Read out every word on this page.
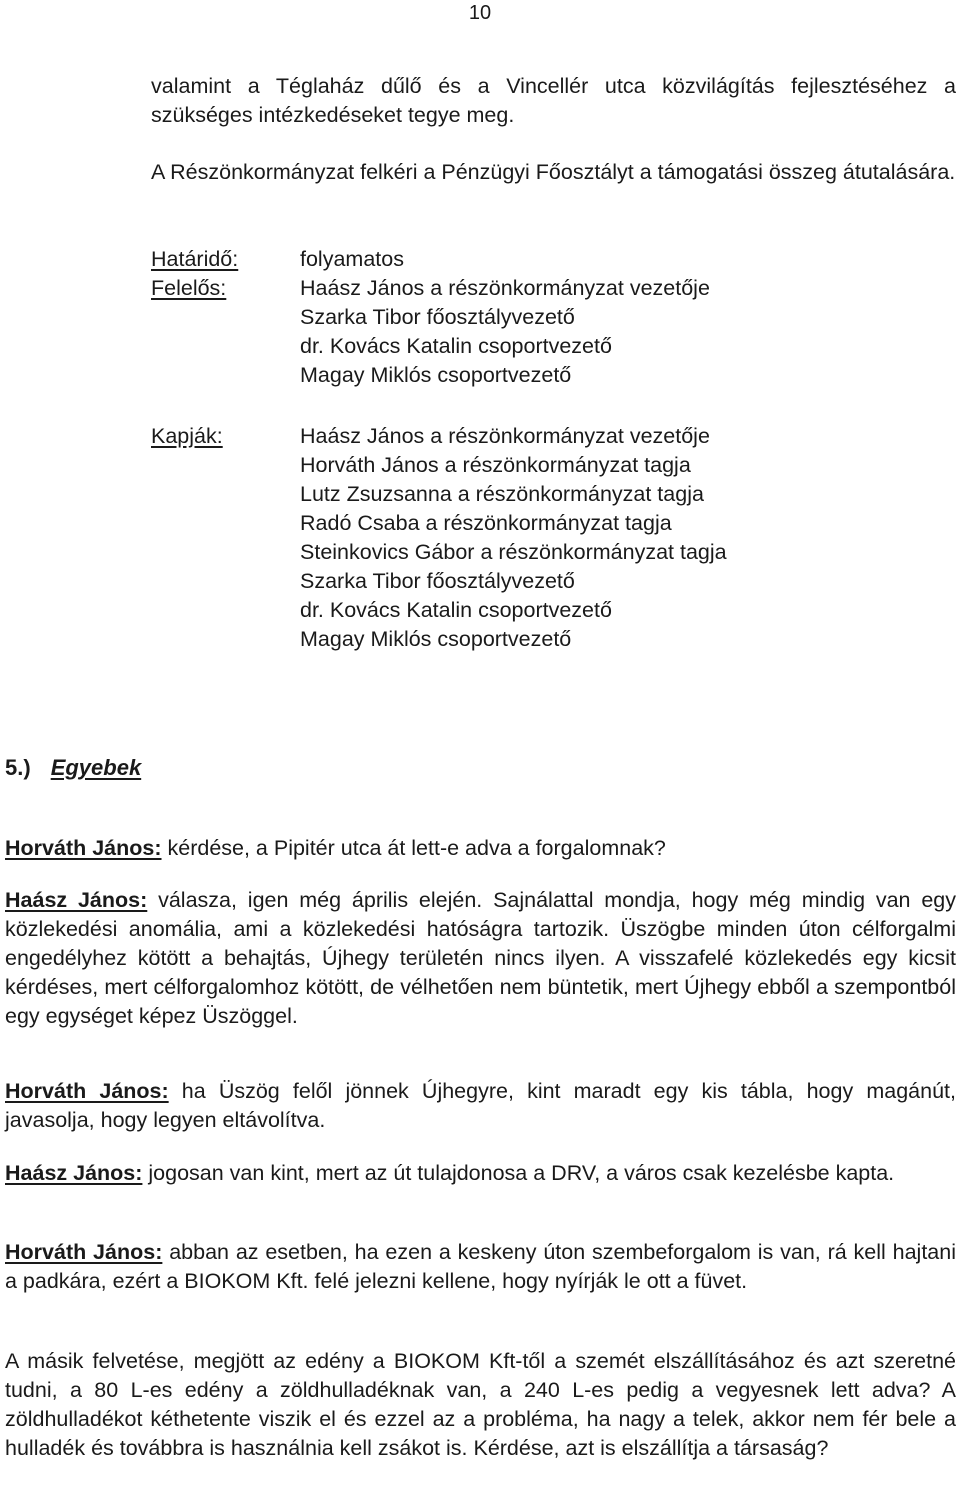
10

valamint a Téglaház dűlő és a Vincellér utca közvilágítás fejlesztéséhez a szükséges intézkedéseket tegye meg.

A Részönkormányzat felkéri a Pénzügyi Főosztályt a támogatási összeg átutalására.

Határidő:	folyamatos
Felelős:	Haász János a részönkormányzat vezetője
Szarka Tibor főosztályvezető
dr. Kovács Katalin csoportvezető
Magay Miklós csoportvezető
Kapják:	Haász János a részönkormányzat vezetője
Horváth János a részönkormányzat tagja
Lutz Zsuzsanna a részönkormányzat tagja
Radó Csaba a részönkormányzat tagja
Steinkovics Gábor a részönkormányzat tagja
Szarka Tibor főosztályvezető
dr. Kovács Katalin csoportvezető
Magay Miklós csoportvezető
5.) Egyebek
Horváth János: kérdése, a Pipitér utca át lett-e adva a forgalomnak?
Haász János: válasza, igen még április elején. Sajnálattal mondja, hogy még mindig van egy közlekedési anomália, ami a közlekedési hatóságra tartozik. Üszögbe minden úton célforgalmi engedélyhez kötött a behajtás, Újhegy területén nincs ilyen. A visszafelé közlekedés egy kicsit kérdéses, mert célforgalomhoz kötött, de vélhetően nem büntetik, mert Újhegy ebből a szempontból egy egységet képez Üszöggel.
Horváth János: ha Üszög felől jönnek Újhegyre, kint maradt egy kis tábla, hogy magánút, javasolja, hogy legyen eltávolítva.
Haász János: jogosan van kint, mert az út tulajdonosa a DRV, a város csak kezelésbe kapta.
Horváth János: abban az esetben, ha ezen a keskeny úton szembeforgalom is van, rá kell hajtani a padkára, ezért a BIOKOM Kft. felé jelezni kellene, hogy nyírják le ott a füvet.
A másik felvetése, megjött az edény a BIOKOM Kft-től a szemét elszállításához és azt szeretné tudni, a 80 L-es edény a zöldhulladéknak van, a 240 L-es pedig a vegyesnek lett adva? A zöldhulladékot kéthetente viszik el és ezzel az a probléma, ha nagy a telek, akkor nem fér bele a hulladék és továbbra is használnia kell zsákot is. Kérdése, azt is elszállítja a társaság?
